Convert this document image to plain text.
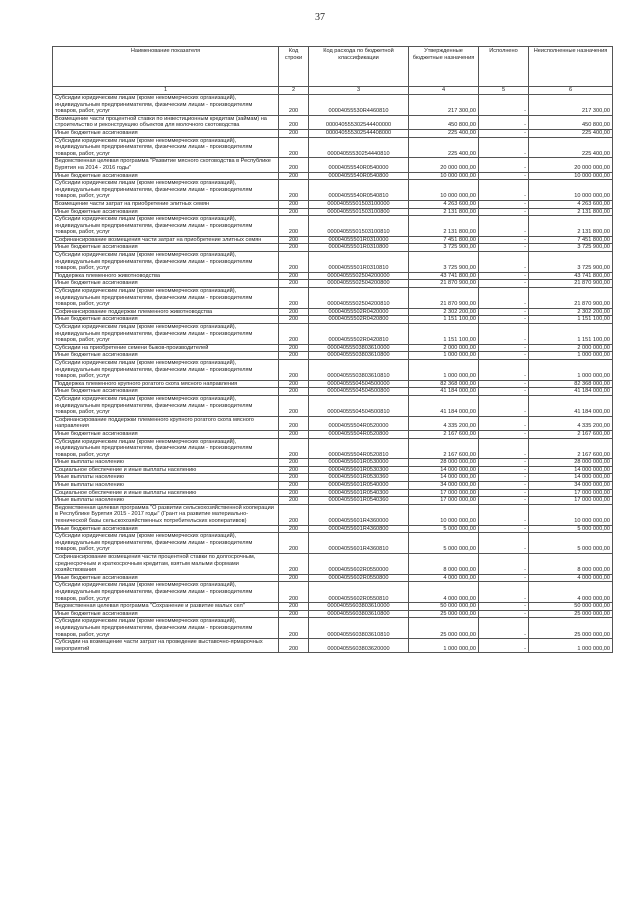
37
Наименование показателя	Код строки	Код расхода по бюджетной классификации	Утвержденные бюджетные назначения	Исполнено	Неисполненные назначения
1	2	3	4	5	6
Субсидии юридическим лицам (кроме некоммерческих организаций), индивидуальным предпринимателям, физическим лицам - производителям товаров, работ, услуг	200	00004055530R4460810	217 300,00	-	217 300,00
Возмещение части процентной ставки по инвестиционным кредитам (займам) на строительство и реконструкцию объектов для молочного скотоводства	200	000040555302544400000	450 800,00	-	450 800,00
Иные бюджетные ассигнования	200	000040555302544408000	225 400,00	-	225 400,00
Субсидии юридическим лицам (кроме некоммерческих организаций), индивидуальным предпринимателям, физическим лицам - производителям товаров, работ, услуг	200	00004055530254440810	225 400,00	-	225 400,00
Ведомственная целевая программа "Развитие мясного скотоводства в Республике Бурятия на 2014 - 2016 годы"	200	00004055540R0540000	20 000 000,00	-	20 000 000,00
Иные бюджетные ассигнования	200	00004055540R0540800	10 000 000,00	-	10 000 000,00
Субсидии юридическим лицам (кроме некоммерческих организаций), индивидуальным предпринимателям, физическим лицам - производителям товаров, работ, услуг	200	00004055540R0540810	10 000 000,00	-	10 000 000,00
Возмещение части затрат на приобретение элитных семян	200	00004055501503100000	4 263 600,00	-	4 263 600,00
Иные бюджетные ассигнования	200	00004055501503100800	2 131 800,00	-	2 131 800,00
Субсидии юридическим лицам (кроме некоммерческих организаций), индивидуальным предпринимателям, физическим лицам - производителям товаров, работ, услуг	200	00004055501503100810	2 131 800,00	-	2 131 800,00
Софинансирование возмещения части затрат на приобретение элитных семян	200	00004055501R0310000	7 451 800,00	-	7 451 800,00
Иные бюджетные ассигнования	200	00004055501R0310800	3 725 900,00	-	3 725 900,00
Субсидии юридическим лицам (кроме некоммерческих организаций), индивидуальным предпринимателям, физическим лицам - производителям товаров, работ, услуг	200	00004055501R0310810	3 725 900,00	-	3 725 900,00
Поддержка племенного животноводства	200	00004055502504200000	43 741 800,00	-	43 741 800,00
Иные бюджетные ассигнования	200	00004055502504200800	21 870 900,00	-	21 870 900,00
Субсидии юридическим лицам (кроме некоммерческих организаций), индивидуальным предпринимателям, физическим лицам - производителям товаров, работ, услуг	200	00004055502504200810	21 870 900,00	-	21 870 900,00
Софинансирование поддержки племенного животноводства	200	00004055502R0420000	2 302 200,00	-	2 302 200,00
Иные бюджетные ассигнования	200	00004055502R0420800	1 151 100,00	-	1 151 100,00
Субсидии юридическим лицам (кроме некоммерческих организаций), индивидуальным предпринимателям, физическим лицам - производителям товаров, работ, услуг	200	00004055502R0420810	1 151 100,00	-	1 151 100,00
Субсидии на приобретение семени быков-производителей	200	00004055503803610000	2 000 000,00	-	2 000 000,00
Иные бюджетные ассигнования	200	00004055503803610800	1 000 000,00	-	1 000 000,00
Субсидии юридическим лицам (кроме некоммерческих организаций), индивидуальным предпринимателям, физическим лицам - производителям товаров, работ, услуг	200	00004055503803610810	1 000 000,00	-	1 000 000,00
Поддержка племенного крупного рогатого скота мясного направления	200	00004055504504500000	82 368 000,00	-	82 368 000,00
Иные бюджетные ассигнования	200	00004055504504500800	41 184 000,00	-	41 184 000,00
Субсидии юридическим лицам (кроме некоммерческих организаций), индивидуальным предпринимателям, физическим лицам - производителям товаров, работ, услуг	200	00004055504504500810	41 184 000,00	-	41 184 000,00
Софинансирование поддержки племенного крупного рогатого скота мясного направления	200	00004055504R0520000	4 335 200,00	-	4 335 200,00
Иные бюджетные ассигнования	200	00004055504R0520800	2 167 600,00	-	2 167 600,00
Субсидии юридическим лицам (кроме некоммерческих организаций), индивидуальным предпринимателям, физическим лицам - производителям товаров, работ, услуг	200	00004055504R0520810	2 167 600,00	-	2 167 600,00
Иные выплаты населению	200	00004055601R0530000	28 000 000,00	-	28 000 000,00
Социальное обеспечение и иные выплаты населению	200	00004055601R0530300	14 000 000,00	-	14 000 000,00
Иные выплаты населению	200	00004055601R0530360	14 000 000,00	-	14 000 000,00
Иные выплаты населению	200	00004055601R0540000	34 000 000,00	-	34 000 000,00
Социальное обеспечение и иные выплаты населению	200	00004055601R0540300	17 000 000,00	-	17 000 000,00
Иные выплаты населению	200	00004055601R0540360	17 000 000,00	-	17 000 000,00
Ведомственная целевая программа "О развитии сельскохозяйственной кооперации в Республике Бурятия 2015 - 2017 годы" (Грант на развитие материально-технической базы сельскохозяйственных потребительских кооперативов)	200	00004055601R4360000	10 000 000,00	-	10 000 000,00
Иные бюджетные ассигнования	200	00004055601R4360800	5 000 000,00	-	5 000 000,00
Субсидии юридическим лицам (кроме некоммерческих организаций), индивидуальным предпринимателям, физическим лицам - производителям товаров, работ, услуг	200	00004055601R4360810	5 000 000,00	-	5 000 000,00
Софинансирование возмещения части процентной ставки по долгосрочным, среднесрочным и краткосрочным кредитам, взятым малыми формами хозяйствования	200	00004055602R0550000	8 000 000,00	-	8 000 000,00
Иные бюджетные ассигнования	200	00004055602R0550800	4 000 000,00	-	4 000 000,00
Субсидии юридическим лицам (кроме некоммерческих организаций), индивидуальным предпринимателям, физическим лицам - производителям товаров, работ, услуг	200	00004055602R0550810	4 000 000,00	-	4 000 000,00
Ведомственная целевая программа "Сохранение и развитие малых сел"	200	00004055603803610000	50 000 000,00	-	50 000 000,00
Иные бюджетные ассигнования	200	00004055603803610800	25 000 000,00	-	25 000 000,00
Субсидии юридическим лицам (кроме некоммерческих организаций), индивидуальным предпринимателям, физическим лицам - производителям товаров, работ, услуг	200	00004055603803610810	25 000 000,00	-	25 000 000,00
Субсидии на возмещение части затрат на проведение выставочно-ярмарочных мероприятий	200	00004055603803620000	1 000 000,00	-	1 000 000,00
